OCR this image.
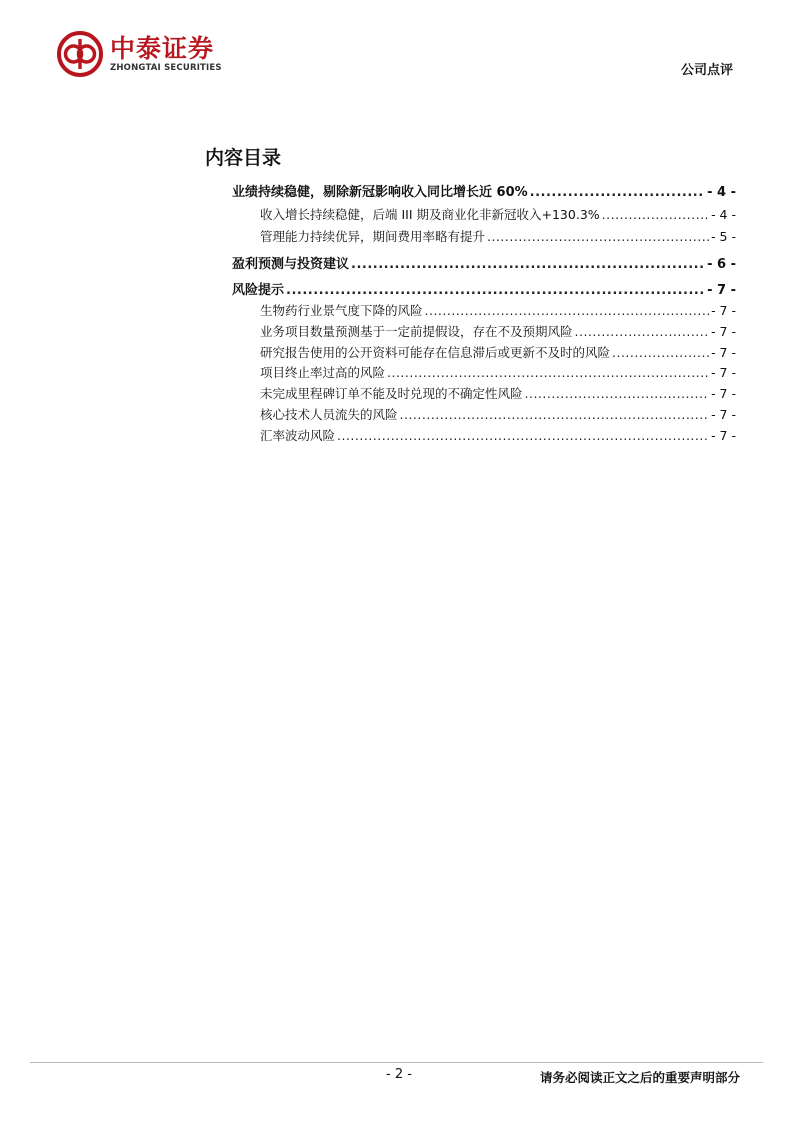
中泰证券
ZHONGTAI SECURITIES	公司点评
内容目录
业绩持续稳健，剔除新冠影响收入同比增长近 60% .....	- 4 -
收入增长持续稳健，后端 III 期及商业化非新冠收入+130.3% .....	- 4 -
管理能力持续优异，期间费用率略有提升 .....	- 5 -
盈利预测与投资建议 .....	- 6 -
风险提示 .....	- 7 -
生物药行业景气度下降的风险 .....	- 7 -
业务项目数量预测基于一定前提假设，存在不及预期风险 .....	- 7 -
研究报告使用的公开资料可能存在信息滞后或更新不及时的风险 .....	- 7 -
项目终止率过高的风险 .....	- 7 -
未完成里程碑订单不能及时兑现的不确定性风险 .....	- 7 -
核心技术人员流失的风险 .....	- 7 -
汇率波动风险 .....	- 7 -
- 2 -	请务必阅读正文之后的重要声明部分
